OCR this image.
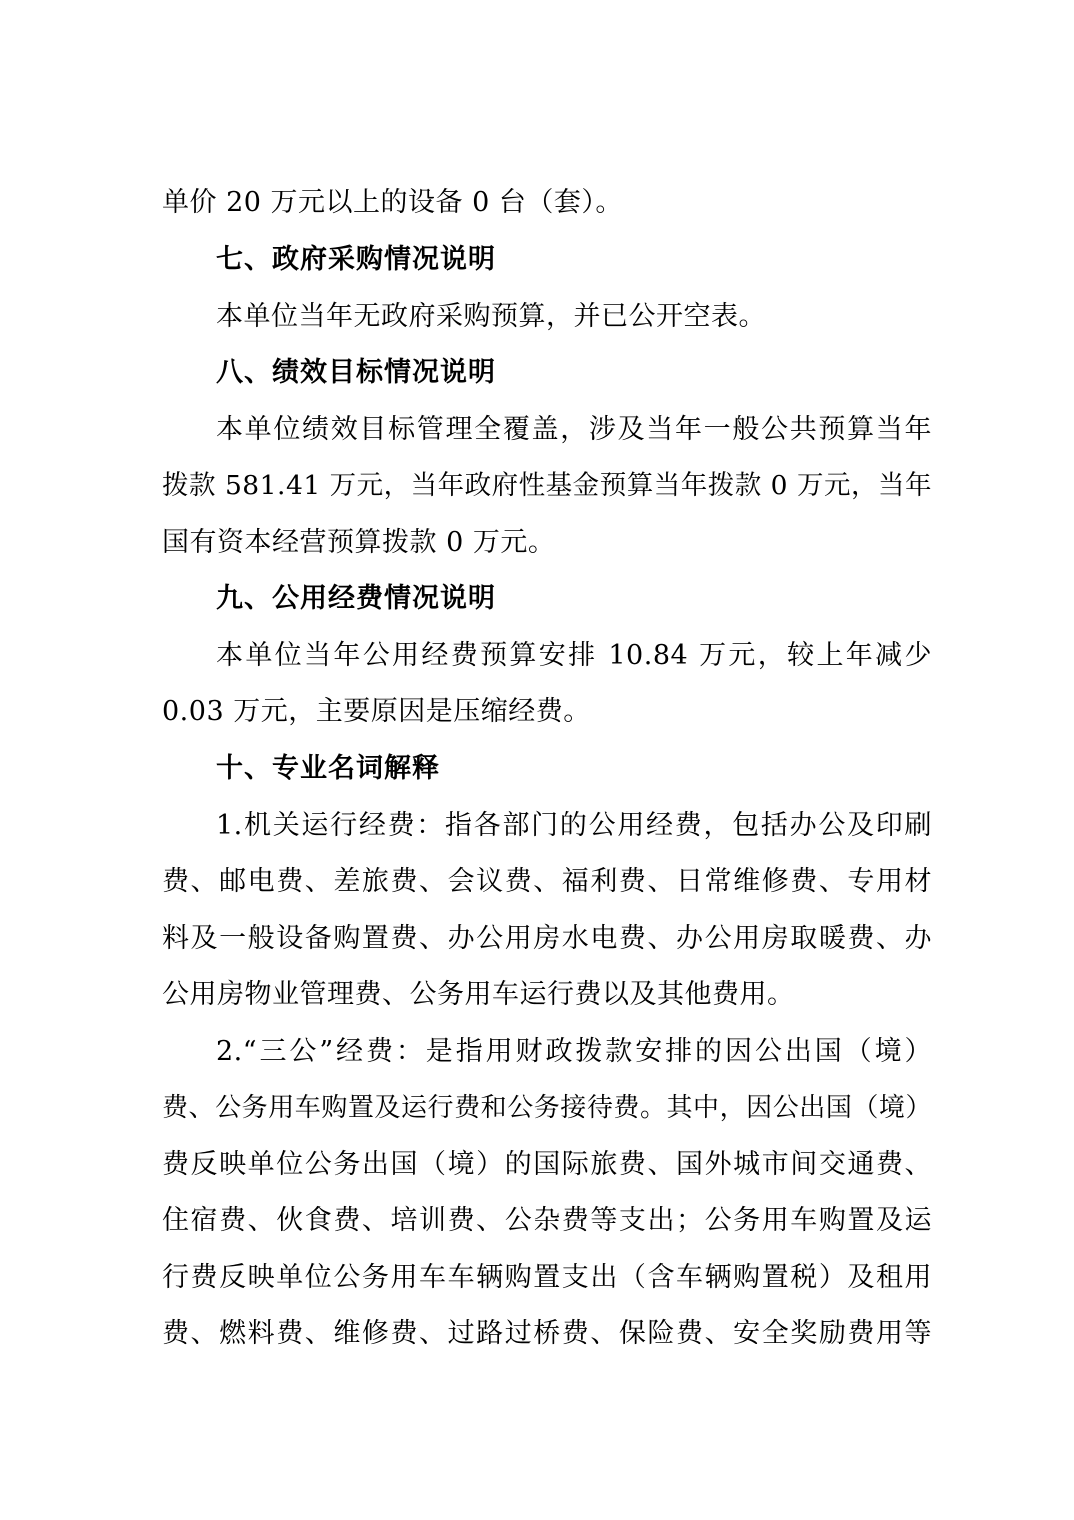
单价 20 万元以上的设备 0 台（套）。
七、政府采购情况说明
本单位当年无政府采购预算，并已公开空表。
八、绩效目标情况说明
本单位绩效目标管理全覆盖，涉及当年一般公共预算当年
拨款 581.41 万元，当年政府性基金预算当年拨款 0 万元，当年
国有资本经营预算拨款 0 万元。
九、公用经费情况说明
本单位当年公用经费预算安排 10.84 万元，较上年减少
0.03 万元，主要原因是压缩经费。
十、专业名词解释
1.机关运行经费：指各部门的公用经费，包括办公及印刷
费、邮电费、差旅费、会议费、福利费、日常维修费、专用材
料及一般设备购置费、办公用房水电费、办公用房取暖费、办
公用房物业管理费、公务用车运行费以及其他费用。
2.“三公”经费：是指用财政拨款安排的因公出国（境）
费、公务用车购置及运行费和公务接待费。其中，因公出国（境）
费反映单位公务出国（境）的国际旅费、国外城市间交通费、
住宿费、伙食费、培训费、公杂费等支出；公务用车购置及运
行费反映单位公务用车车辆购置支出（含车辆购置税）及租用
费、燃料费、维修费、过路过桥费、保险费、安全奖励费用等
